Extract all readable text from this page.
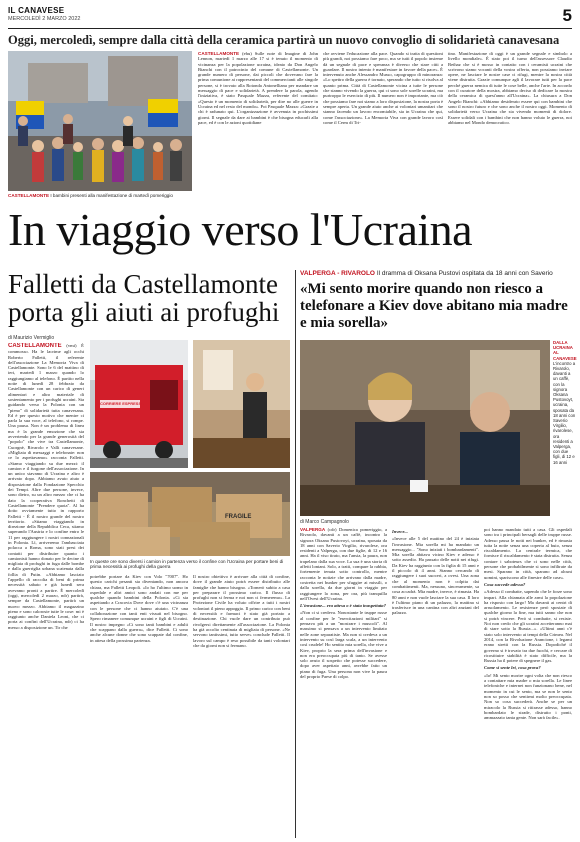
IL CANAVESE
MERCOLEDÌ 2 MARZO 2022	5
Oggi, mercoledì, sempre dalla città della ceramica partirà un nuovo convoglio di solidarietà canavesana
CASTELLAMONTE I bambini presenti alla manifestazione di martedì pomeriggio
CASTELLAMONTE (ehu) Sulle note di Imagine di John Lennon, martedì 1 marzo alle 17 si è tenuto il momento di vicinanza per la popolazione ucraina, ideato da Don Angelo Bianchi con il patrocinio del comune di Castellamonte. Un grande numero di persone, dai piccoli che dovevano fare la prima comunione ai rappresentanti del commercianti alle singole persone, si è trovato alla Rotonda Antonelliana per mandare un messaggio di pace e solidarietà. A prendere la parola, agendo l'iniziativa, è stato Pasquale Mazza, referente del comitato: «Questo è un momento di solidarietà, per dire no alle guerre in Ucraina ed nel resto del mondo». Poi Pasquale Mazza: «Grazie a chi è radunato qui. L'organizzazione è avvenuta in pochissimi giorni. Il segnale da dare ai bambini è che bisogna educarli alla pace, ed è con le azioni quotidiane
che avviene l'educazione alla pace. Quando si tratta di questioni più grandi, noi possiamo fare poco, ma se tutti il popolo insieme dà un segnale di pace e speranza è diverso che stare citti a guardare. Il nostro intento è manifestare in favore della pace». È intervenuto anche Alessandro Musso, capogruppo di minoranza: «Lo spettro della guerra è tornato, sperando che tutto si risolva al quanto prima. Città di Castellamonte vicina a tutte le persone che stanno vivendo la guerra, qui ci sono sole sorelle ucraini, ma purtroppo le esercizio di più. Il numero non è importante, ma ciò che possiamo fare noi siamo a loro disposizione, la nostra porta è sempre aperta. Un grande aiuto anche ai volontari umanitari che stanno facendo un lavoro encomiabile, sia in Ucraina che qui, come l'associazione». La Memoria Viva con grande lavoro così come il Cerm di Tri-
tino. Manifestazione di oggi è un grande segnale e simbolo a livello mondiale». È stato poi il turno dell'assessore Claudio Bethaz che si è mosso in contatto con i ceramisti ucraini che scrivono siamo vocanti della vostra offerta, non possiamo inviare opere, ne lasciare le nostre case ci rifugi, mentre la nostra città viene distrutta. Grazie comunque agli il lavorare tutti per la pace perché guerra nemica di tutte le cose belle, anche l'arte. In accordo con il curatore della mostra, abbiamo deciso di dedicare la mostra della ceramica di quest'anno all'Ucraina». La chiusura a Don Angelo Bianchi: «Abbiamo desiderato essere qui con bambini che sono il nostro futuro e che sono anche il nostro oggi. Momento di solidarietà verso Ucraina che sta vivendo momenti di dolore. Essere solidali con i bambini che non hanno voluto le guerra, noi abbiamo nel Mondo democratico.
In viaggio verso l'Ucraina
Falletti da Castellamonte porta gli aiuti ai profughi
di Maurizio Vermiglio
CASTELLAMONTE (vmi) È commosso. Ha le lacrime agli occhi Roberto Falletti, il referente dell'associazione La Memoria Viva di Castellamonte. Sono le 6 del mattino di ieri, martedì 1 marzo quando lo raggiungiamo al telefono. È partito nella notte di lunedì 28 febbraio da Castellamonte con un carico di generi alimentari e altro materiale di sostentamento per i profughi ucraini. Sta guidando verso la Polonia con un "pieno" di solidarietà tutta canavesana. Ed è per questo motivo che mentre ci parla la sua voce, al telefono, si rompe. Una pausa. Non è un problema di linea ma è la grande emozione che sta avvertendo per la grande generosità del "popolo" che vive tra Castellamonte, Cuorgnè, Rivarolo e Valli canavesane. «Migliaia di messaggi e telefonate: non ce lo aspettavamo» racconta Falletti. «Siamo viaggiando su due mezzi: il camion e il furgone dell'associazione. In un unico stavamo di Ucraina e altro è arrivato dopo. Abbiamo avuto aiuto a disposizione dalla Fondazione Specchio dei Tempi. Altre due persone, invece, sono dietro, su un altro mezzo che ci ha dato la cooperativa Ronchetti di Castellamonte "Prendere quota". Al ha dotto ovviamente tutto in rapporto Falletti - È il nostro grande del nostro territorio. «Stiamo viaggiando in direzione della Repubblica Ceca, stiamo superando l'Austria e lo confine entro le 11 per raggiungere i nostri connazionali in Polonia. Lì, arriveremo l'ambasciata polacca a Roma, sono stati presi dei contatti per distribuire quanto i camionisti hanno donato per le decine di migliaia di profughi in fuga dalle bombe e dalla guerriglia urbana scatenata dalla follia di Putin. «Abbiamo lasciato l'appello di raccolta di beni di prima necessità sabato e già lunedì sera avevamo pronti a partire. È mercoledì (oggi, mercoledì 2 marzo, ndr) partirà, sempre da Castellamonte, partirà un nuovo mezzo. Abbiamo il magazzino pieno e sono calorosie tutte le cose: mi è raggiunto anche Daniela Leoni, che ci porta ai confini dell'Ucraina, ndr) ci ha messo a disposizione un. Tir che
CORRIERE ESPRESSO
FRAGILE
In queste ore sono diversi i camion in partenza verso il confine con l'Ucraina per portare beni di prima necessità ai profughi della guerra
potrebbe portare da Kiev con Volo "7007". Ho questo carichi pesanti sta diventando, non ancora chiara, ma Falletti Leopoli. «Io ho l'ultimo uomo in ospedale e altri amici sono andati con me per qualche quando bambini della Polonia. «Ci sta aspettando a Cracovia Dove dove c'è una vicinanza con le persone che ci hanno aiutato. C'è una collaborazione con tanti enti vissuti nel bisogno. Spero rimanere comunque ucraini e figli di Ucraini. Il nostro impegno «Ci sono tanti bambini e adulti che scappano dalla guerra», dice Falletti. Ci sono anche alcune donne che sono scappate dal confine, in attesa della prossima partenza.
Il nostro obiettivo è arrivare alla città di confine, dove il grande aiuto potrà essere distribuito alle famiglie che hanno bisogno. «Tornerò subito a casa per preparare il prossimo carico. Il flusso di profughi non si ferma e noi non ci fermeremo». La Protezione Civile ha voluto offrire a tutti i nostri volontari il pieno appoggio. Il primo carico con beni di necessità e farmaci è stato già portato a destinazione. Chi vuole dare un contributo può rivolgersi direttamente all'associazione. La Polonia ha già accolto centinaia di migliaia di persone. «Ne servono tantissimi, tutto serve» conclude Falletti. Il lavoro sul campo è reso possibile da tanti volontari che da giorni non si fermano.
VALPERGA - RIVAROLO Il dramma di Oksana Pustovi ospitata da 18 anni con Saverio
«Mi sento morire quando non riesco a telefonare a Kiev dove abitano mia madre e mia sorella»
di Marco Campagnolo
DALLA UCRAINA AL CANAVESE
L'incontro a Rivarolo, davanti a un caffè, con la signora Oksana Pustovoyt, ucraina, sposata da 18 anni con Saverio Virgilio, rivarolese, ora residenti a Valperga, con due figli, di 12 e 16 anni
VALPERGA (cdr) Domenica pomeriggio, a Rivarolo, davanti a un caffè, incontro la signora Oksana Pustovoyt, ucraina, sposata da 18 anni con Saverio Virgilio, rivarolese, ora residenti a Valperga, con due figlie, di 12 e 16 anni. Ha il viso tirato, ma l'ansia, la paura, non trapelano dalla sua voce. La sua è una storia di affetti lontani. Solo, a tratti, compare la rabbia, fortemente tenuta sotto controllo, mentre racconta le notizie che arrivano dalla madre, costretta nei bunker per sfuggire ai missili, o dalla sorella, da due giorni in viaggio per raggiungere la zona, per ora, più tranquilla nell'Ovest dell'Ucraina.
L'invasione... era attesa o è stata inaspettata?
«Non ci si credeva. Nonostante le truppe russe al confine per le "esercitazioni militari" si pensava più a un "mostrare i muscoli". Al massimo si pensava a un intervento limitato nelle zone separatiste. Ma non si credeva a un intervento su così larga scala, a un intervento così crudele! Ho sentito mia sorella, che vive a Kiev, proprio la sera prima dell'invasione e non era preoccupata più di tanto. Se avesse solo avuto il sospetto che potesse succedere, dopo aver aspettato anni, avrebbe fatto un piano di fuga. Una persona non vive la paura del proprio Paese di colpo.
Invece...
«Invece alle 5 del mattino del 24 è iniziata l'invasione. Mia sorella mi ha mandato un messaggio... "Sono iniziati i bombardamenti". Mia sorella abitava vicino Kiev e adesso è sotto assedio. Ha passato delle notti nei rifugi. Da Kiev ha raggiunto con la figlia di 15 anni e il piccolo di 4 anni. Stanno cercando di raggiungere i suoi suoceri, a ovest. Una zona che al momento non è colpita dai combattimenti. Ma, nessuno, sinceramente, sa cosa accadrà. Mia madre, invece, è rimasta. Ha 80 anni e non vuole lasciare la sua casa. Il loro è l'ultimo piano di un palazzo, la mattina si trasferisce in una cantina con altri anziani del palazzo.
poi hanno mandato tutti a casa. Gli ospedali sono tra i principali bersagli delle truppe russe. Adesso passa le notti nei bunker, ed è rimasta tutta la notte senza una coperta al buio, senza riscaldamento. La centrale termica, che fornisce il riscaldamento è stata distrutta. Senza contare i saboteurs che ci sono nelle città, persone che probabilmente si sono infiltrate da mesi. Sparano in città, sparano ad alcuni uomini, spariscono alle finestre delle case».
Cosa succede adesso?
«Adesso il combatte, sapendo che le forze sono impari. Alla chiamata alle armi la popolazione ha risposto con largo! Ma davanti ai centri di arruolamento. Le resistenze però spostate di qualche giorno la fine, ma tutti sanno che non si potrà vincere. Però si combatte, si resiste. Noi non credo che gli ucraini accetteranno mai di stare sotto la Russia...». «Ultimi anni c'è stato solo intervento ai tempi della Crimea. Nel 2014, con la Rivoluzione Arancione, i legami erano stretti con la Russia. Dopodiché il governo si è trovato tra due fuochi, e cercare di ricostituire stabilità è stato difficile, ma la Russia ha il potere di spegnere il gas.
Come si sente lei, cosa prova?
«Io! Mi sento morire ogni volta che non riesco a contattare mia madre o mia sorella. Le linee telefoniche e internet non funzionano bene, nel momento in cui le sento, ma se non le sento non so posso che sentirmi molto preoccupata. Non so cosa succederà. Anche se per un miracolo la Russia si ritirasse adesso, hanno bombardato le strade, distrutto i ponti, ammazzato tanta gente. Non sarà facile».
